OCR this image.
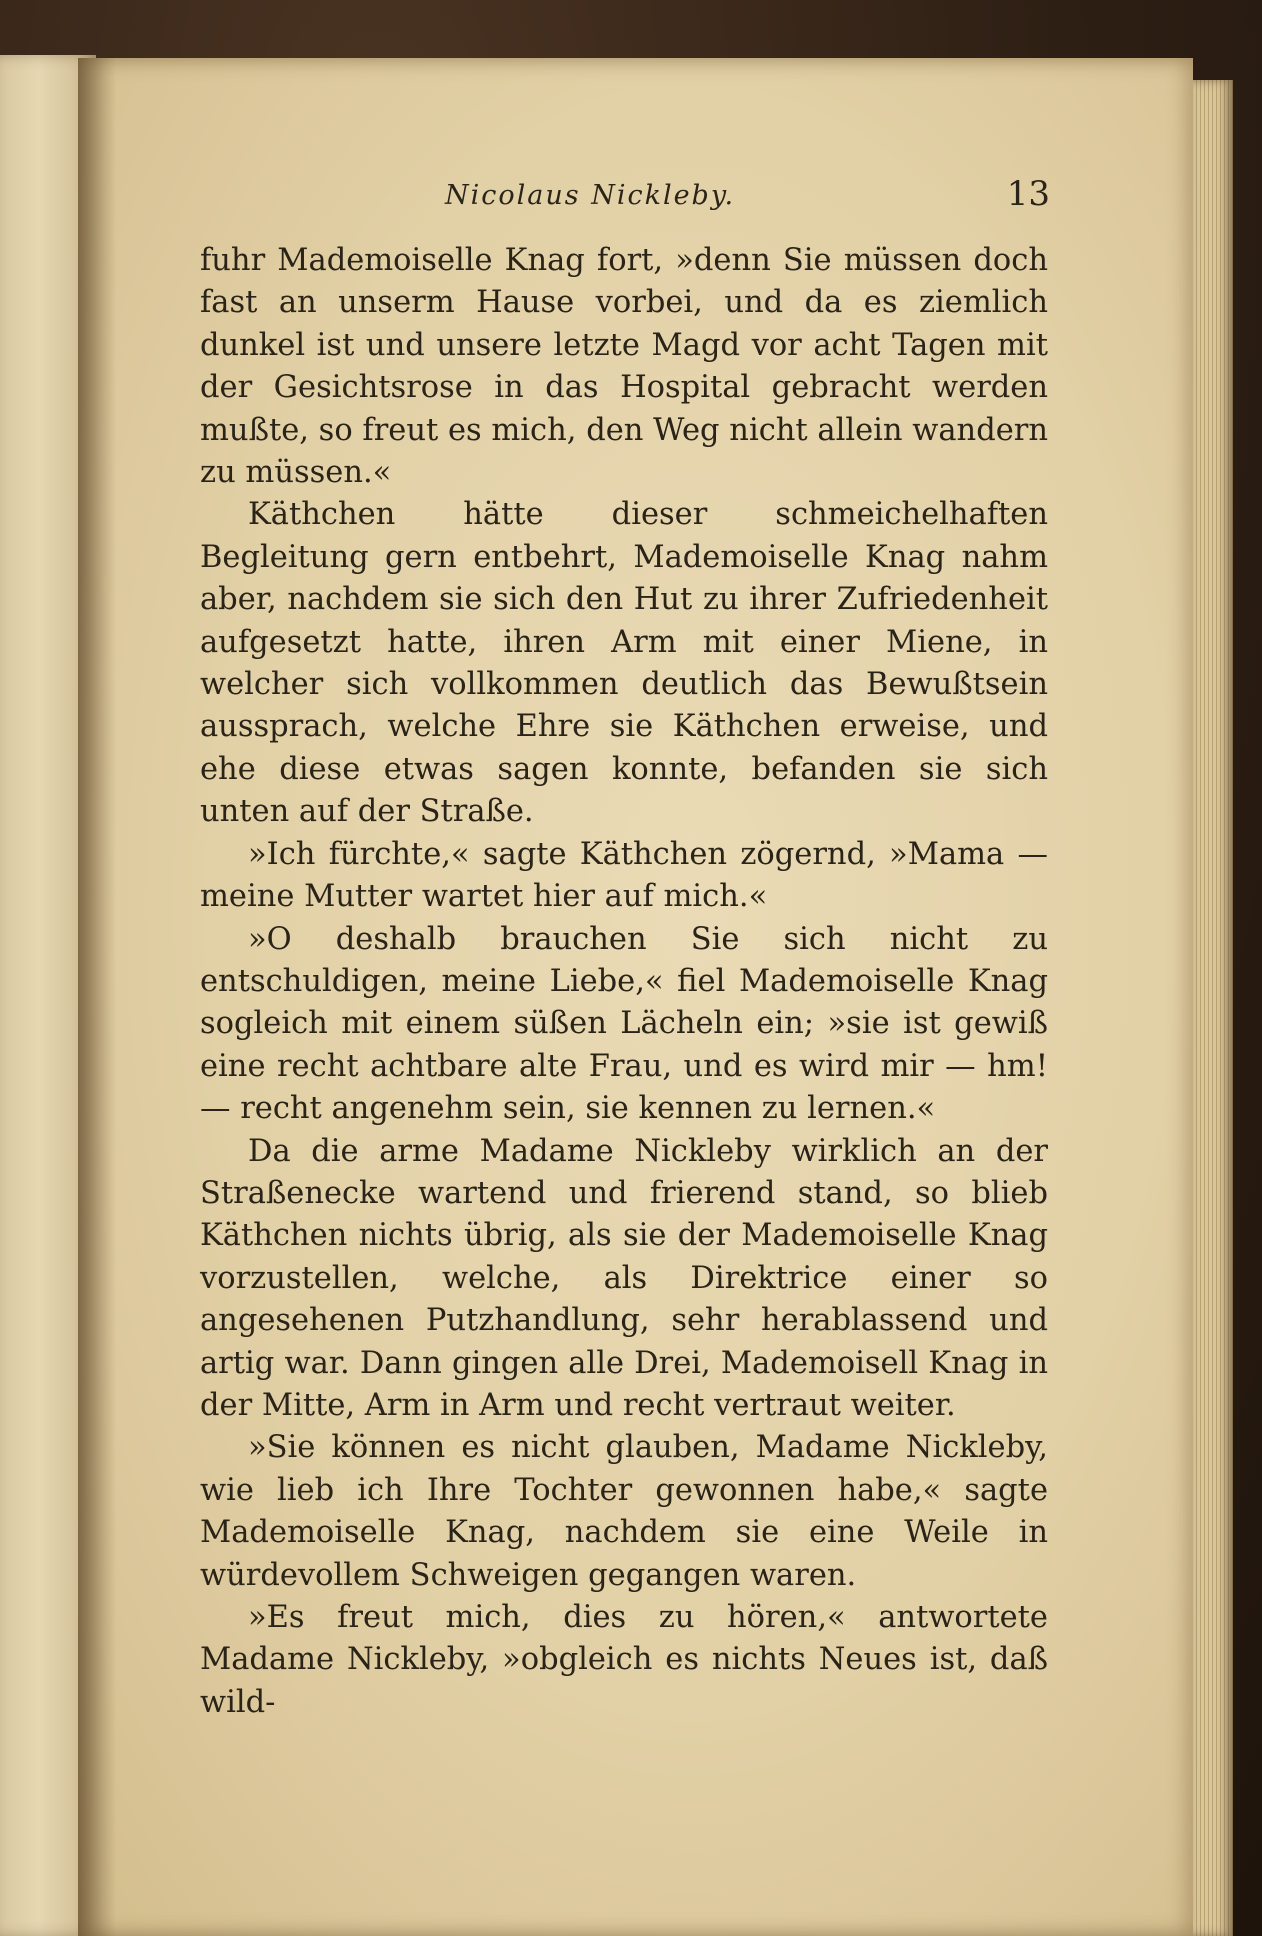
Nicolaus Nickleby.	13

fuhr Mademoiselle Knag fort, »denn Sie müssen doch fast an unserm Hause vorbei, und da es ziemlich dunkel ist und unsere letzte Magd vor acht Tagen mit der Gesichtsrose in das Hospital gebracht werden mußte, so freut es mich, den Weg nicht allein wandern zu müssen.«

Käthchen hätte dieser schmeichelhaften Begleitung gern entbehrt, Mademoiselle Knag nahm aber, nachdem sie sich den Hut zu ihrer Zufriedenheit aufgesetzt hatte, ihren Arm mit einer Miene, in welcher sich vollkommen deutlich das Bewußtsein aussprach, welche Ehre sie Käthchen erweise, und ehe diese etwas sagen konnte, befanden sie sich unten auf der Straße.

»Ich fürchte,« sagte Käthchen zögernd, »Mama — meine Mutter wartet hier auf mich.«

»O deshalb brauchen Sie sich nicht zu entschuldigen, meine Liebe,« fiel Mademoiselle Knag sogleich mit einem süßen Lächeln ein; »sie ist gewiß eine recht achtbare alte Frau, und es wird mir — hm! — recht angenehm sein, sie kennen zu lernen.«

Da die arme Madame Nickleby wirklich an der Straßenecke wartend und frierend stand, so blieb Käthchen nichts übrig, als sie der Mademoiselle Knag vorzustellen, welche, als Direktrice einer so angesehenen Putzhandlung, sehr herablassend und artig war. Dann gingen alle Drei, Mademoisell Knag in der Mitte, Arm in Arm und recht vertraut weiter.

»Sie können es nicht glauben, Madame Nickleby, wie lieb ich Ihre Tochter gewonnen habe,« sagte Mademoiselle Knag, nachdem sie eine Weile in würdevollem Schweigen gegangen waren.

»Es freut mich, dies zu hören,« antwortete Madame Nickleby, »obgleich es nichts Neues ist, daß wild-
